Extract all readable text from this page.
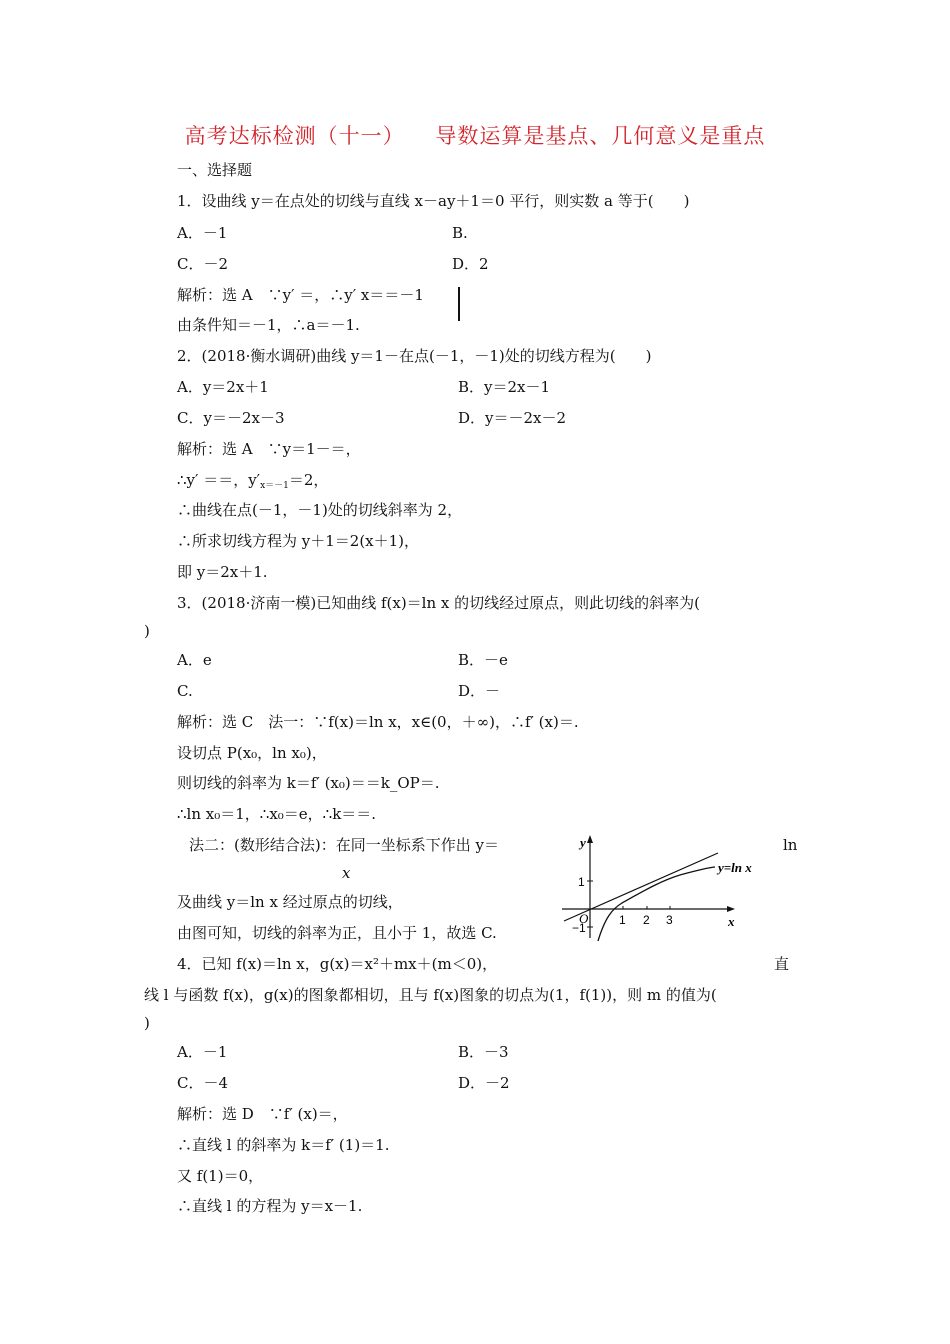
高考达标检测（十一）    导数运算是基点、几何意义是重点
一、选择题
1．设曲线 y＝在点处的切线与直线 x－ay＋1＝0 平行，则实数 a 等于(　　)
A．－1	B.
C．－2	D．2
解析：选 A　∵y′ ＝，∴y′ x＝＝－1
由条件知＝－1，∴a＝－1.
2．(2018·衡水调研)曲线 y＝1－在点(－1，－1)处的切线方程为(　　)
A．y＝2x＋1	B．y＝2x－1
C．y＝－2x－3	D．y＝－2x－2
解析：选 A　∵y＝1－＝，
∴y′ ＝＝，$y'_{x=-1}=2$，
∴曲线在点(－1，－1)处的切线斜率为 2，
∴所求切线方程为 y＋1＝2(x＋1)，
即 y＝2x＋1.
3．(2018·济南一模)已知曲线 f(x)＝ln x 的切线经过原点，则此切线的斜率为(
)
A．e	B．－e
C.	D．－
解析：选 C　法一：∵f(x)＝ln x，x∈(0，＋∞)，∴f′ (x)＝.
设切点 P(x₀，ln x₀)，
则切线的斜率为 k＝f′ (x₀)＝＝k_OP＝.
∴ln x₀＝1，∴x₀＝e，∴k＝＝.
法二：(数形结合法)：在同一坐标系下作出 y＝	ln
x
及曲线 y＝ln x 经过原点的切线，
由图可知，切线的斜率为正，且小于 1，故选 C.
y
x
O
y=ln x
1 2 3
1
−1
4．已知 f(x)＝ln x，g(x)＝x²＋mx＋(m＜0)，	直
线 l 与函数 f(x)，g(x)的图象都相切，且与 f(x)图象的切点为(1，f(1))，则 m 的值为(
)
A．－1	B．－3
C．－4	D．－2
解析：选 D　∵f′ (x)＝，
∴直线 l 的斜率为 k＝f′ (1)＝1.
又 f(1)＝0，
∴直线 l 的方程为 y＝x－1.
